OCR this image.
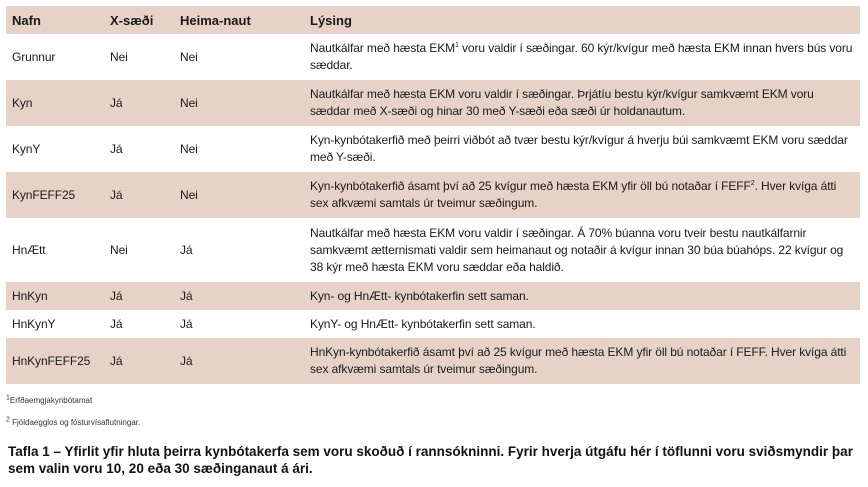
Nafn	X-sæði	Heima-naut	Lýsing
Grunnur	Nei	Nei	Nautkálfar með hæsta EKM$^1$ voru valdir í sæðingar. 60 kýr/kvígur með hæsta EKM innan hvers bús voru sæddar.
Kyn	Já	Nei	Nautkálfar með hæsta EKM voru valdir í sæðingar. Þrjátíu bestu kýr/kvígur samkvæmt EKM voru sæddar með X-sæði og hinar 30 með Y-sæði eða sæði úr holdanautum.
KynY	Já	Nei	Kyn-kynbótakerfið með þeirri viðbót að tvær bestu kýr/kvígur á hverju búi samkvæmt EKM voru sæddar með Y-sæði.
KynFEFF25	Já	Nei	Kyn-kynbótakerfið ásamt því að 25 kvígur með hæsta EKM yfir öll bú notaðar í FEFF$^2$. Hver kvíga átti sex afkvæmi samtals úr tveimur sæðingum.
HnÆtt	Nei	Já	Nautkálfar með hæsta EKM voru valdir í sæðingar. Á 70% búanna voru tveir bestu nautkálfarnir samkvæmt ætternismati valdir sem heimanaut og notaðir á kvígur innan 30 búa búahóps. 22 kvígur og 38 kýr með hæsta EKM voru sæddar eða haldið.
HnKyn	Já	Já	Kyn- og HnÆtt- kynbótakerfin sett saman.
HnKynY	Já	Já	KynY- og HnÆtt- kynbótakerfin sett saman.
HnKynFEFF25	Já	Já	HnKyn-kynbótakerfið ásamt því að 25 kvígur með hæsta EKM yfir öll bú notaðar í FEFF. Hver kvíga átti sex afkvæmi samtals úr tveimur sæðingum.
$^1$Erfðaemgjakynbótamat
$^2$ Fjöldaegglos og fósturvísaflutningar.
Tafla 1 – Yfirlit yfir hluta þeirra kynbótakerfa sem voru skoðuð í rannsókninni. Fyrir hverja útgáfu hér í töflunni voru sviðsmyndir þar sem valin voru 10, 20 eða 30 sæðinganaut á ári.
